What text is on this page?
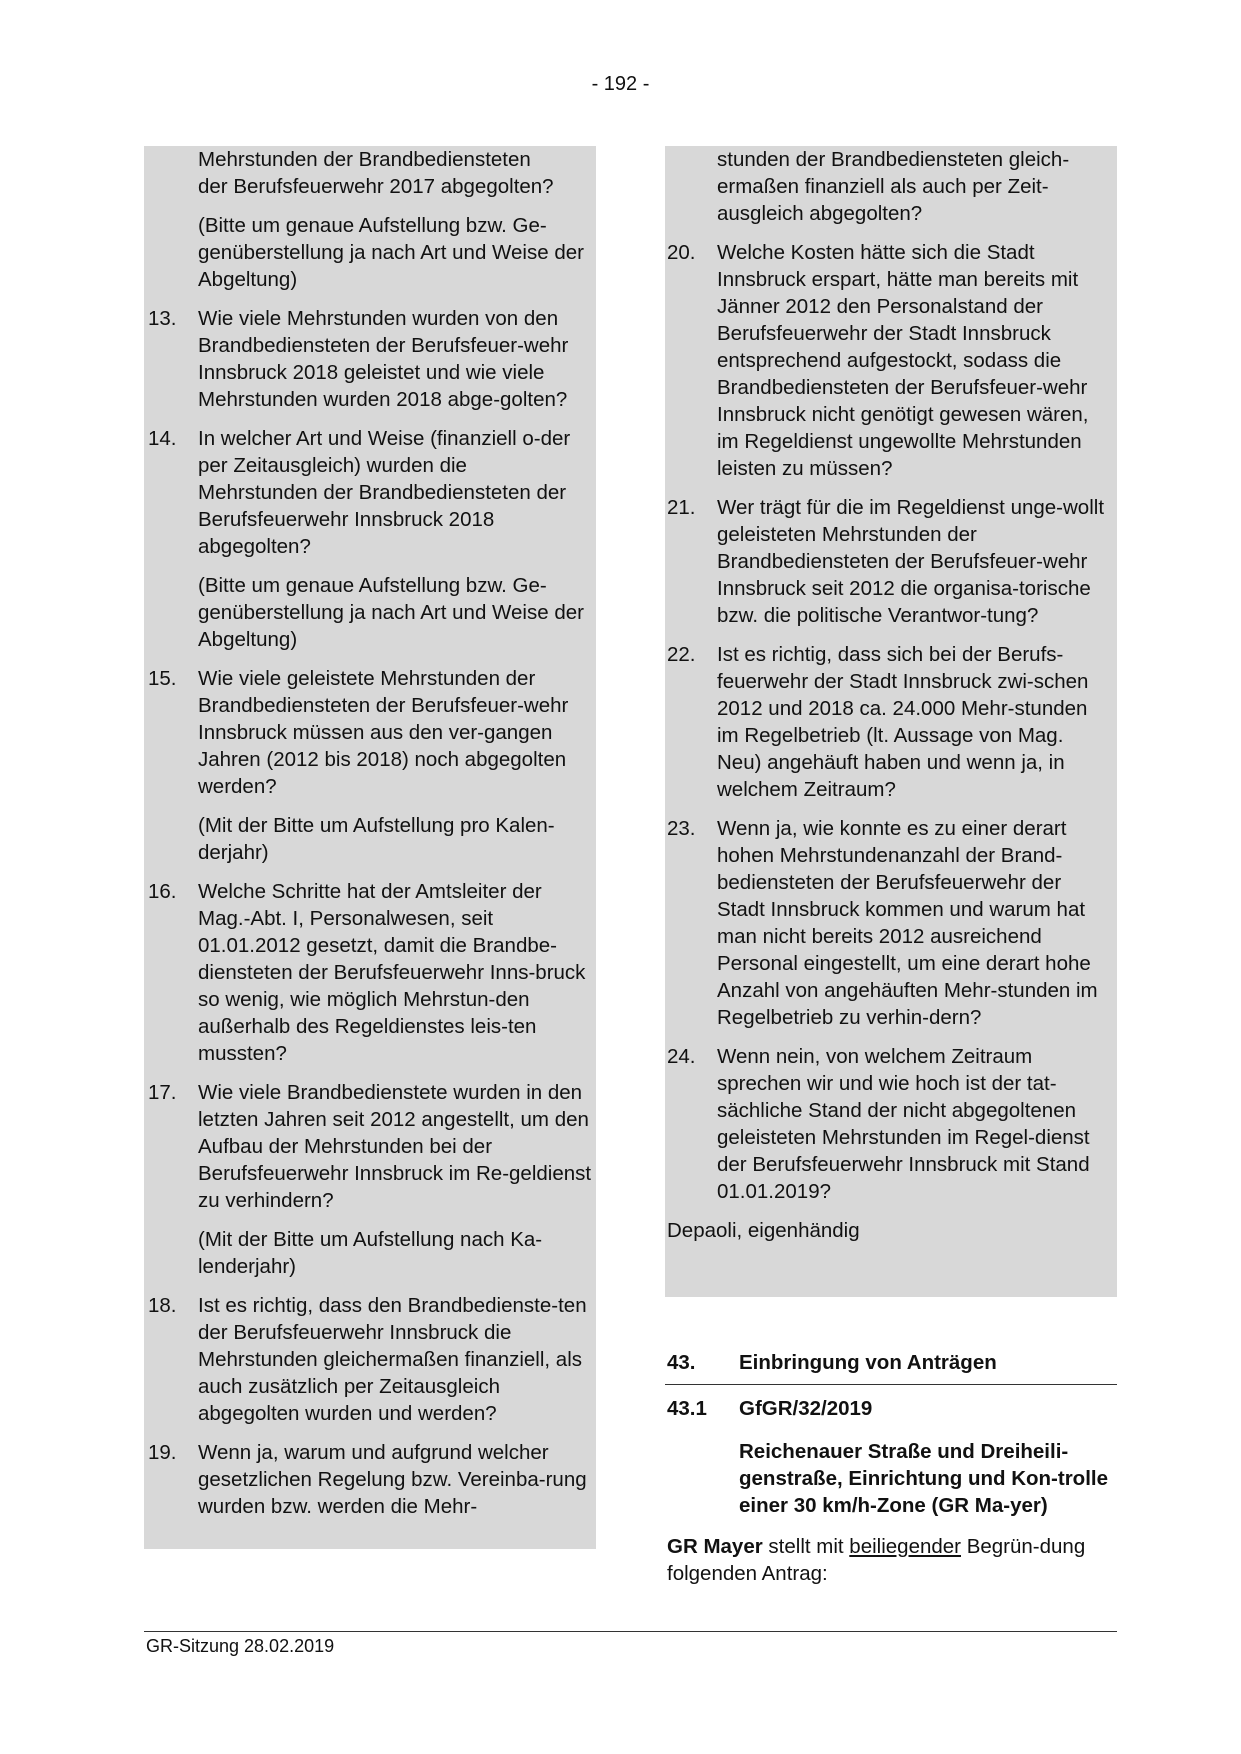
- 192 -
Mehrstunden der Brandbediensteten
der Berufsfeuerwehr 2017 abgegolten?
(Bitte um genaue Aufstellung bzw. Ge-genüberstellung ja nach Art und Weise der Abgeltung)
13.	Wie viele Mehrstunden wurden von den Brandbediensteten der Berufsfeuer-wehr Innsbruck 2018 geleistet und wie viele Mehrstunden wurden 2018 abge-golten?
14.	In welcher Art und Weise (finanziell o-der per Zeitausgleich) wurden die Mehrstunden der Brandbediensteten der Berufsfeuerwehr Innsbruck 2018 abgegolten?
(Bitte um genaue Aufstellung bzw. Ge-genüberstellung ja nach Art und Weise der Abgeltung)
15.	Wie viele geleistete Mehrstunden der Brandbediensteten der Berufsfeuer-wehr Innsbruck müssen aus den ver-gangen Jahren (2012 bis 2018) noch abgegolten werden?
(Mit der Bitte um Aufstellung pro Kalen-derjahr)
16.	Welche Schritte hat der Amtsleiter der Mag.-Abt. I, Personalwesen, seit 01.01.2012 gesetzt, damit die Brandbe-diensteten der Berufsfeuerwehr Inns-bruck so wenig, wie möglich Mehrstun-den außerhalb des Regeldienstes leis-ten mussten?
17.	Wie viele Brandbedienstete wurden in den letzten Jahren seit 2012 angestellt, um den Aufbau der Mehrstunden bei der Berufsfeuerwehr Innsbruck im Re-geldienst zu verhindern?
(Mit der Bitte um Aufstellung nach Ka-lenderjahr)
18.	Ist es richtig, dass den Brandbedienste-ten der Berufsfeuerwehr Innsbruck die Mehrstunden gleichermaßen finanziell, als auch zusätzlich per Zeitausgleich abgegolten wurden und werden?
19.	Wenn ja, warum und aufgrund welcher gesetzlichen Regelung bzw. Vereinba-rung wurden bzw. werden die Mehr-
stunden der Brandbediensteten gleich-ermaßen finanziell als auch per Zeit-ausgleich abgegolten?
20.	Welche Kosten hätte sich die Stadt Innsbruck erspart, hätte man bereits mit Jänner 2012 den Personalstand der Berufsfeuerwehr der Stadt Innsbruck entsprechend aufgestockt, sodass die Brandbediensteten der Berufsfeuer-wehr Innsbruck nicht genötigt gewesen wären, im Regeldienst ungewollte Mehrstunden leisten zu müssen?
21.	Wer trägt für die im Regeldienst unge-wollt geleisteten Mehrstunden der Brandbediensteten der Berufsfeuer-wehr Innsbruck seit 2012 die organisa-torische bzw. die politische Verantwor-tung?
22.	Ist es richtig, dass sich bei der Berufs-feuerwehr der Stadt Innsbruck zwi-schen 2012 und 2018 ca. 24.000 Mehr-stunden im Regelbetrieb (lt. Aussage von Mag. Neu) angehäuft haben und wenn ja, in welchem Zeitraum?
23.	Wenn ja, wie konnte es zu einer derart hohen Mehrstundenanzahl der Brand-bediensteten der Berufsfeuerwehr der Stadt Innsbruck kommen und warum hat man nicht bereits 2012 ausreichend Personal eingestellt, um eine derart hohe Anzahl von angehäuften Mehr-stunden im Regelbetrieb zu verhin-dern?
24.	Wenn nein, von welchem Zeitraum sprechen wir und wie hoch ist der tat-sächliche Stand der nicht abgegoltenen geleisteten Mehrstunden im Regel-dienst der Berufsfeuerwehr Innsbruck mit Stand 01.01.2019?
Depaoli, eigenhändig
43.	Einbringung von Anträgen
43.1	GfGR/32/2019
Reichenauer Straße und Dreiheili-genstraße, Einrichtung und Kon-trolle einer 30 km/h-Zone (GR Ma-yer)
GR Mayer stellt mit beiliegender Begrün-dung folgenden Antrag:
GR-Sitzung 28.02.2019
